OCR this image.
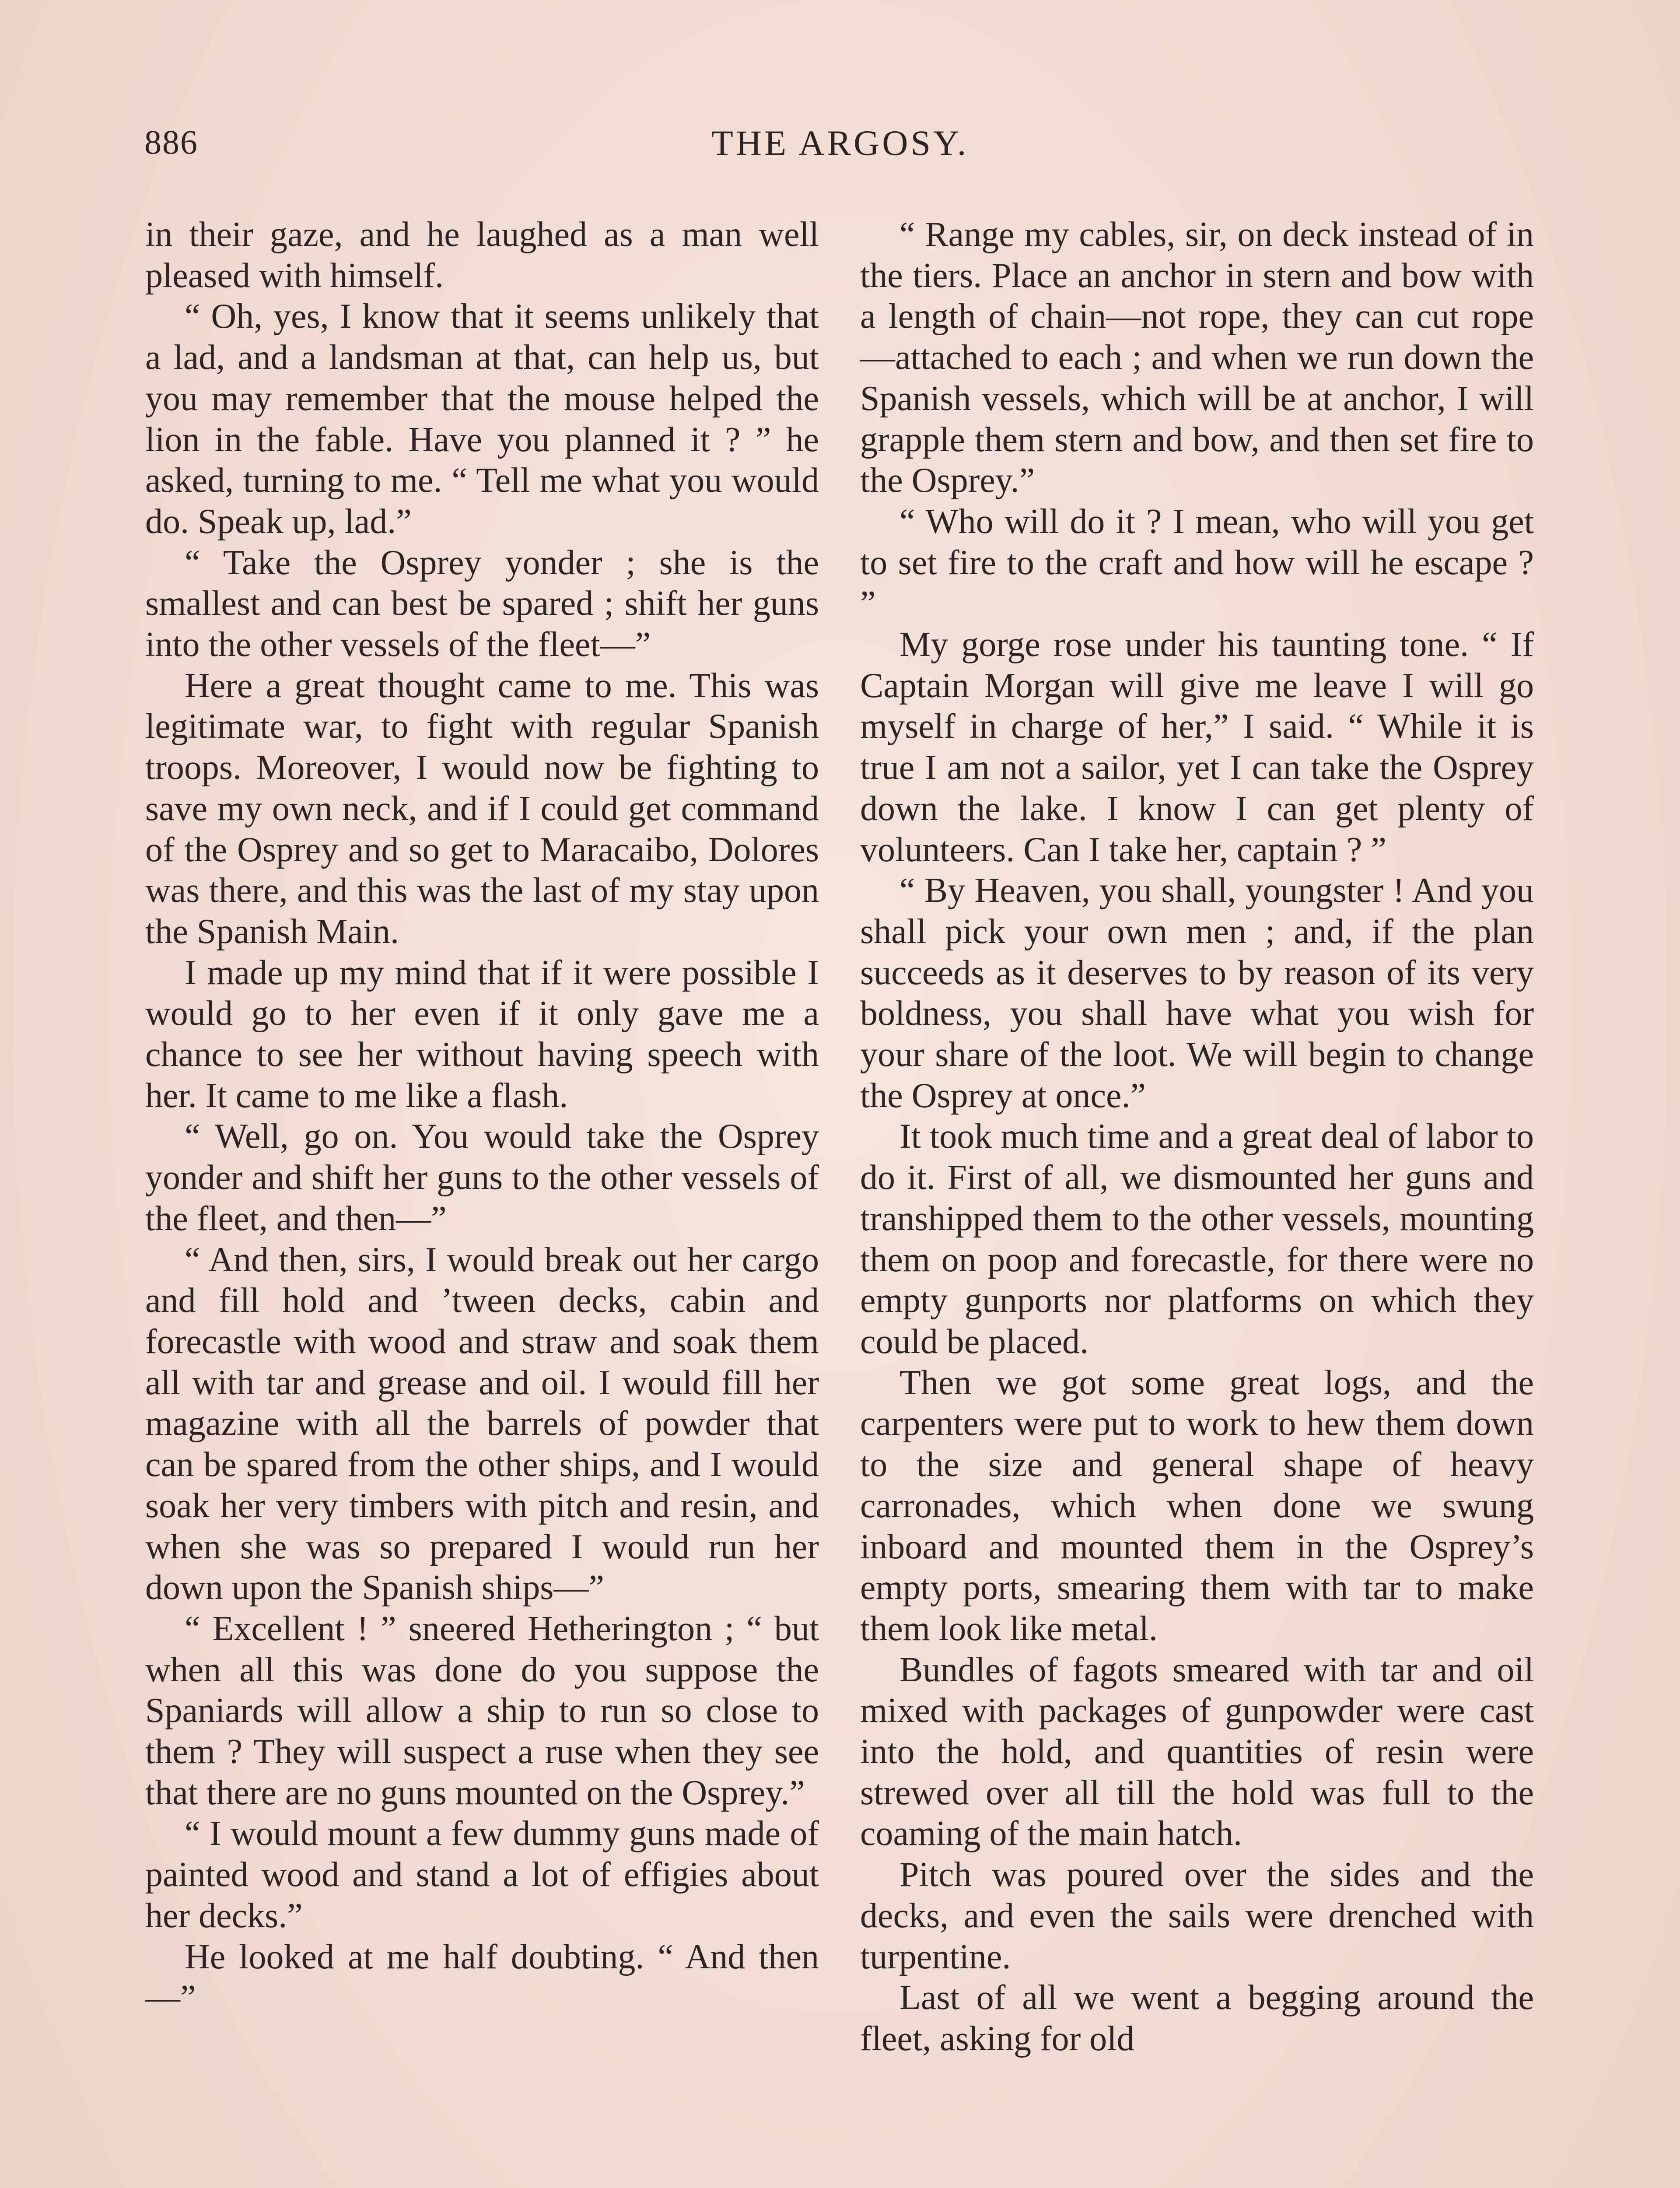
886	THE ARGOSY.

in their gaze, and he laughed as a man well pleased with himself.

“ Oh, yes, I know that it seems unlikely that a lad, and a landsman at that, can help us, but you may remember that the mouse helped the lion in the fable. Have you planned it ? ” he asked, turning to me. “ Tell me what you would do. Speak up, lad.”

“ Take the Osprey yonder ; she is the smallest and can best be spared ; shift her guns into the other vessels of the fleet—”

Here a great thought came to me. This was legitimate war, to fight with regular Spanish troops. Moreover, I would now be fighting to save my own neck, and if I could get command of the Osprey and so get to Maracaibo, Dolores was there, and this was the last of my stay upon the Spanish Main.

I made up my mind that if it were possible I would go to her even if it only gave me a chance to see her without having speech with her. It came to me like a flash.

“ Well, go on. You would take the Osprey yonder and shift her guns to the other vessels of the fleet, and then—”

“ And then, sirs, I would break out her cargo and fill hold and ’tween decks, cabin and forecastle with wood and straw and soak them all with tar and grease and oil. I would fill her magazine with all the barrels of powder that can be spared from the other ships, and I would soak her very timbers with pitch and resin, and when she was so prepared I would run her down upon the Spanish ships—”

“ Excellent ! ” sneered Hetherington ; “ but when all this was done do you suppose the Spaniards will allow a ship to run so close to them ? They will suspect a ruse when they see that there are no guns mounted on the Osprey.”

“ I would mount a few dummy guns made of painted wood and stand a lot of effigies about her decks.”

He looked at me half doubting. “ And then—”

“ Range my cables, sir, on deck instead of in the tiers. Place an anchor in stern and bow with a length of chain—not rope, they can cut rope—attached to each ; and when we run down the Spanish vessels, which will be at anchor, I will grapple them stern and bow, and then set fire to the Osprey.”

“ Who will do it ? I mean, who will you get to set fire to the craft and how will he escape ? ”

My gorge rose under his taunting tone. “ If Captain Morgan will give me leave I will go myself in charge of her,” I said. “ While it is true I am not a sailor, yet I can take the Osprey down the lake. I know I can get plenty of volunteers. Can I take her, captain ? ”

“ By Heaven, you shall, youngster ! And you shall pick your own men ; and, if the plan succeeds as it deserves to by reason of its very boldness, you shall have what you wish for your share of the loot. We will begin to change the Osprey at once.”

It took much time and a great deal of labor to do it. First of all, we dismounted her guns and transhipped them to the other vessels, mounting them on poop and forecastle, for there were no empty gunports nor platforms on which they could be placed.

Then we got some great logs, and the carpenters were put to work to hew them down to the size and general shape of heavy carronades, which when done we swung inboard and mounted them in the Osprey’s empty ports, smearing them with tar to make them look like metal.

Bundles of fagots smeared with tar and oil mixed with packages of gunpowder were cast into the hold, and quantities of resin were strewed over all till the hold was full to the coaming of the main hatch.

Pitch was poured over the sides and the decks, and even the sails were drenched with turpentine.

Last of all we went a begging around the fleet, asking for old
